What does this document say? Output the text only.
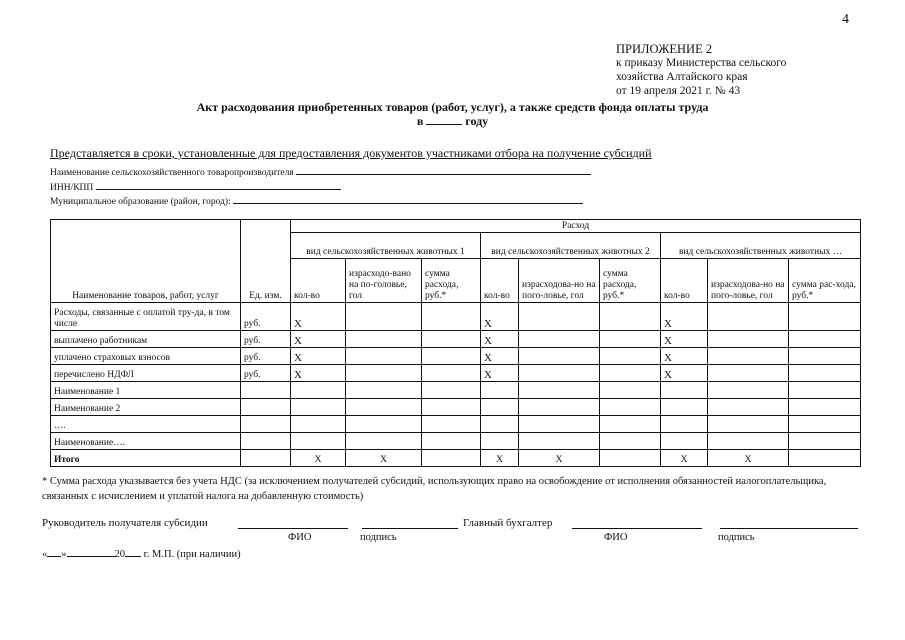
4
ПРИЛОЖЕНИЕ 2
к приказу Министерства сельского
хозяйства Алтайского края
от 19 апреля 2021 г. № 43
Акт расходования приобретенных товаров (работ, услуг), а также средств фонда оплаты труда
в	году
Представляется в сроки, установленные для предоставления документов участниками отбора на получение субсидий
Наименование сельскохозяйственного товаропроизводителя
ИНН/КПП
Муниципальное образование (район, город):
Наименование товаров, работ, услуг	Ед. изм.	Расход								
		вид сельскохозяйственных животных 1			вид сельскохозяйственных животных 2			вид сельскохозяйственных животных …		
		кол-во	израсходо-вано на по-головье, гол	сумма расхода, руб.*	кол-во	израсходова-но на пого-ловье, гол	сумма расхода, руб.*	кол-во	израсходова-но на пого-ловье, гол	сумма рас-хода, руб.*
Расходы, связанные с оплатой тру-да, в том числе	руб.	X			X			X		
выплачено работникам	руб.	X			X			X		
уплачено страховых взносов	руб.	X			X			X		
перечислено НДФЛ	руб.	X			X			X		
Наименование 1										
Наименование 2										
….										
Наименование….										
Итого		X	X		X	X		X	X	
* Сумма расхода указывается без учета НДС (за исключением получателей субсидий, использующих право на освобождение от исполнения обязанностей налогоплательщика, связанных с исчислением и уплатой налога на добавленную стоимость)
Руководитель получателя субсидии	Главный бухгалтер
ФИО	подпись	ФИО	подпись
« »	20 г. М.П. (при наличии)
